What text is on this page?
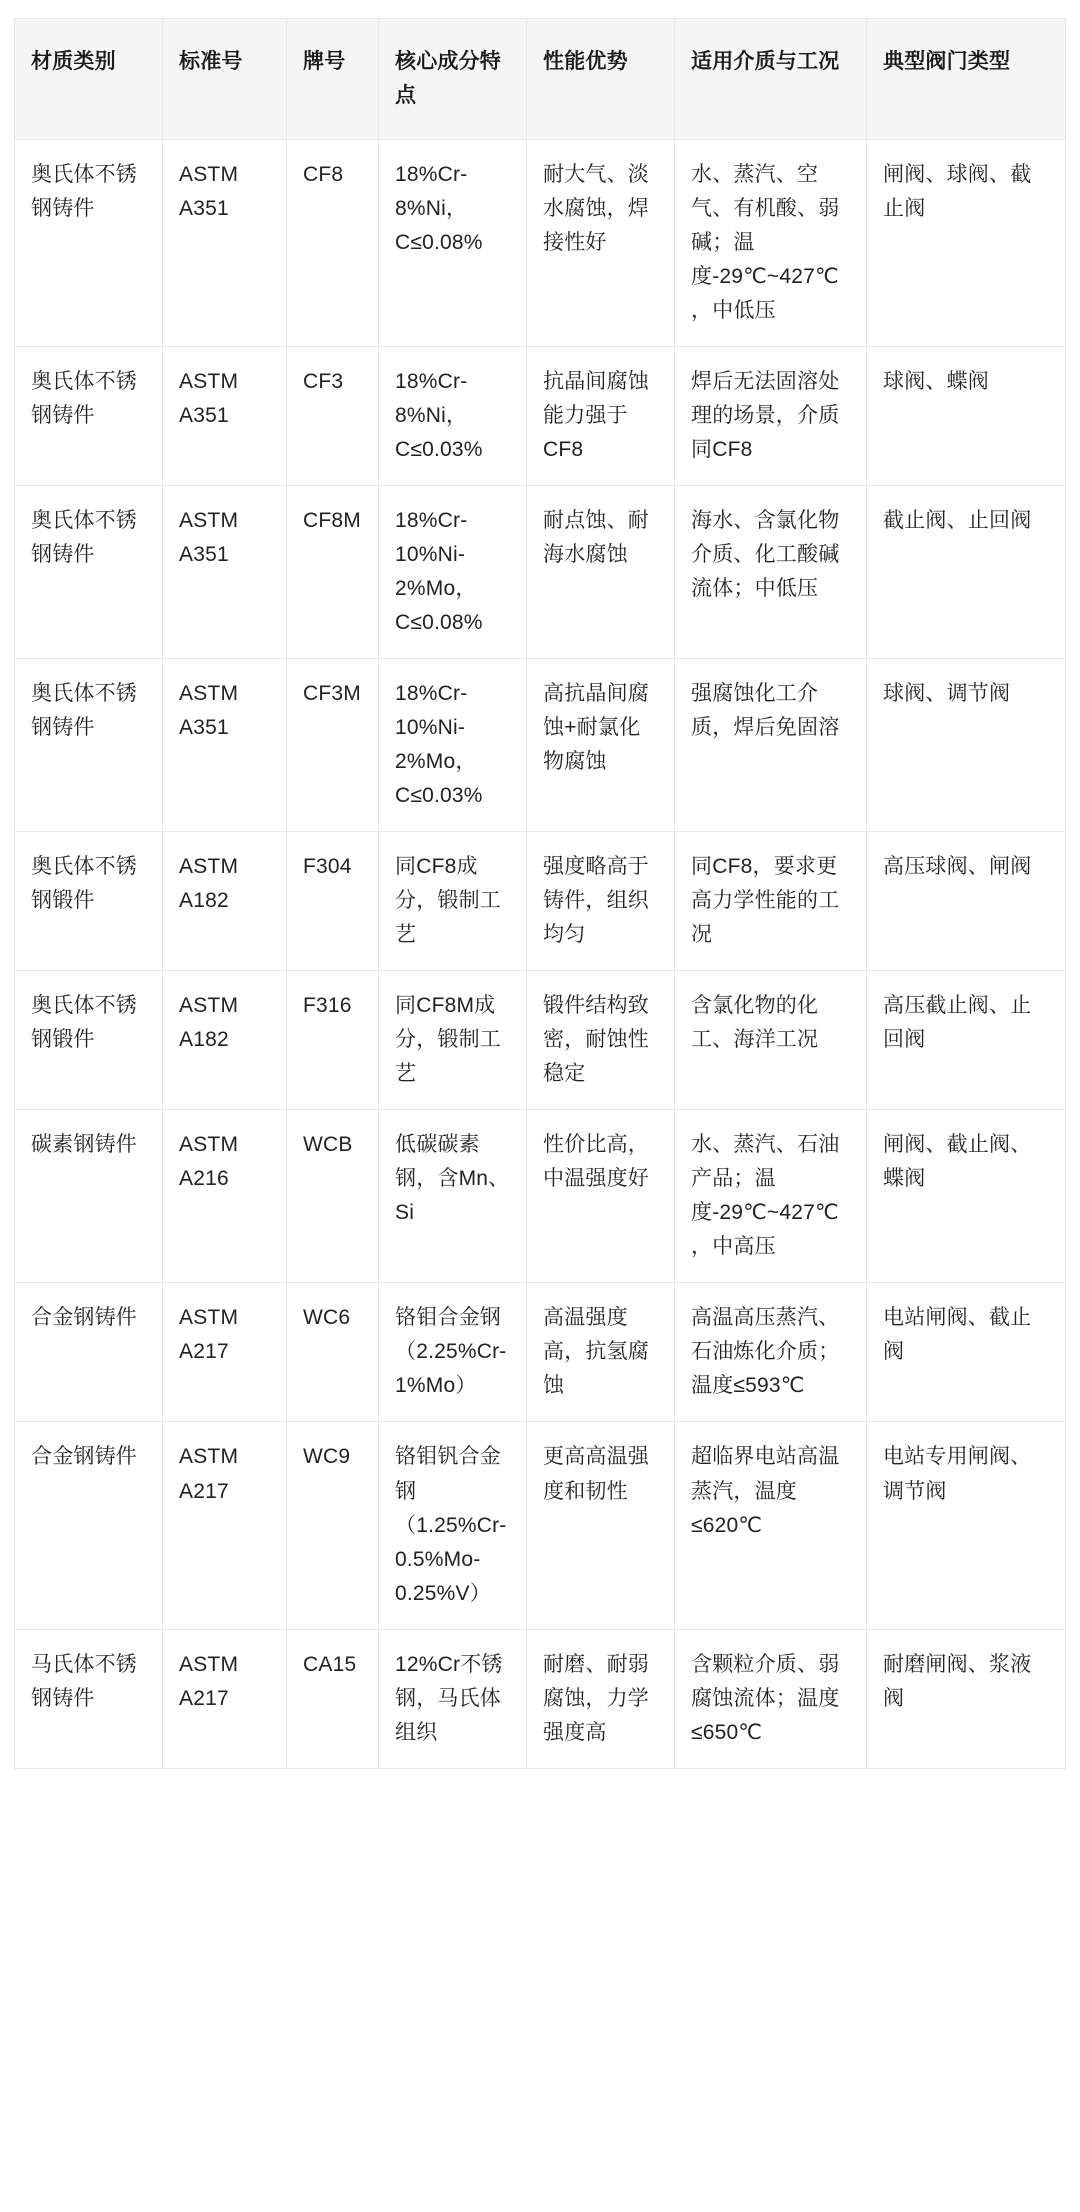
材质类别	标准号	牌号	核心成分特点	性能优势	适用介质与工况	典型阀门类型
奥氏体不锈钢铸件	ASTM A351	CF8	18%Cr-8%Ni，C≤0.08%	耐大气、淡水腐蚀，焊接性好	水、蒸汽、空气、有机酸、弱碱；温度-29℃~427℃，中低压	闸阀、球阀、截止阀
奥氏体不锈钢铸件	ASTM A351	CF3	18%Cr-8%Ni，C≤0.03%	抗晶间腐蚀能力强于CF8	焊后无法固溶处理的场景，介质同CF8	球阀、蝶阀
奥氏体不锈钢铸件	ASTM A351	CF8M	18%Cr-10%Ni-2%Mo，C≤0.08%	耐点蚀、耐海水腐蚀	海水、含氯化物介质、化工酸碱流体；中低压	截止阀、止回阀
奥氏体不锈钢铸件	ASTM A351	CF3M	18%Cr-10%Ni-2%Mo，C≤0.03%	高抗晶间腐蚀+耐氯化物腐蚀	强腐蚀化工介质，焊后免固溶	球阀、调节阀
奥氏体不锈钢锻件	ASTM A182	F304	同CF8成分，锻制工艺	强度略高于铸件，组织均匀	同CF8，要求更高力学性能的工况	高压球阀、闸阀
奥氏体不锈钢锻件	ASTM A182	F316	同CF8M成分，锻制工艺	锻件结构致密，耐蚀性稳定	含氯化物的化工、海洋工况	高压截止阀、止回阀
碳素钢铸件	ASTM A216	WCB	低碳碳素钢，含Mn、Si	性价比高，中温强度好	水、蒸汽、石油产品；温度-29℃~427℃，中高压	闸阀、截止阀、蝶阀
合金钢铸件	ASTM A217	WC6	铬钼合金钢（2.25%Cr-1%Mo）	高温强度高，抗氢腐蚀	高温高压蒸汽、石油炼化介质；温度≤593℃	电站闸阀、截止阀
合金钢铸件	ASTM A217	WC9	铬钼钒合金钢（1.25%Cr-0.5%Mo-0.25%V）	更高高温强度和韧性	超临界电站高温蒸汽，温度≤620℃	电站专用闸阀、调节阀
马氏体不锈钢铸件	ASTM A217	CA15	12%Cr不锈钢，马氏体组织	耐磨、耐弱腐蚀，力学强度高	含颗粒介质、弱腐蚀流体；温度≤650℃	耐磨闸阀、浆液阀
